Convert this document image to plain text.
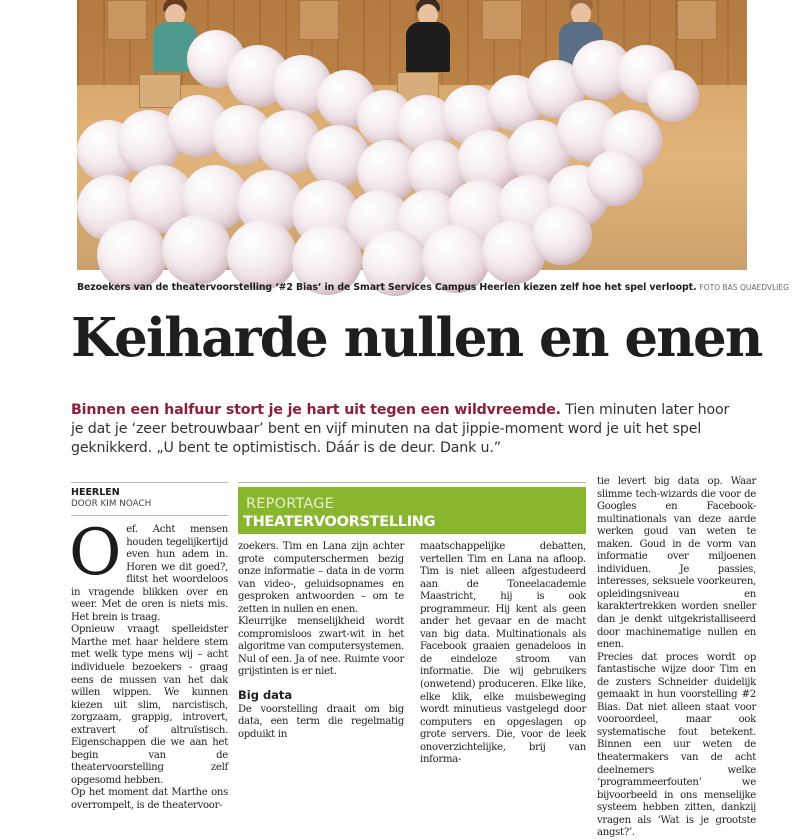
Bezoekers van de theatervoorstelling ‘#2 Bias’ in de Smart Services Campus Heerlen kiezen zelf hoe het spel verloopt. FOTO BAS QUAEDVLIEG
Keiharde nullen en enen
Binnen een halfuur stort je je hart uit tegen een wildvreemde. Tien minuten later hoor je dat je ‘zeer betrouwbaar’ bent en vijf minuten na dat jippie-moment word je uit het spel geknikkerd. „U bent te optimistisch. Dáár is de deur. Dank u.”
HEERLEN
DOOR KIM NOACH	REPORTAGE
THEATERVOORSTELLING
O ef. Acht mensen houden tegelijkertijd even hun adem in. Horen we dit goed?, flitst het woordeloos in vragende blikken over en weer. Met de oren is niets mis. Het brein is traag.

Opnieuw vraagt spelleidster Marthe met haar heldere stem met welk type mens wij – acht individuele bezoekers - graag eens de mussen van het dak willen wippen. We kunnen kiezen uit slim, narcistisch, zorgzaam, grappig, introvert, extravert of altruïstisch. Eigenschappen die we aan het begin van de theatervoorstelling zelf opgesomd hebben.

Op het moment dat Marthe ons overrompelt, is de theatervoor-

zoekers. Tim en Lana zijn achter grote computerschermen bezig onze informatie – data in de vorm van video-, geluidsopnames en gesproken antwoorden – om te zetten in nullen en enen.

Kleurrijke menselijkheid wordt compromisloos zwart-wit in het algoritme van computersystemen. Nul of een. Ja of nee. Ruimte voor grijstinten is er niet.

Big data

De voorstelling draait om big data, een term die regelmatig opduikt in

maatschappelijke debatten, vertellen Tim en Lana na afloop. Tim is niet alleen afgestudeerd aan de Toneelacademie Maastricht, hij is ook programmeur. Hij kent als geen ander het gevaar en de macht van big data. Multinationals als Facebook graaien genadeloos in de eindeloze stroom van informatie. Die wij gebruikers (onwetend) produceren. Elke like, elke klik, elke muisbeweging wordt minutieus vastgelegd door computers en opgeslagen op grote servers. Die, voor de leek onoverzichtelijke, brij van informa-

tie levert big data op. Waar slimme tech-wizards die voor de Googles en Facebook-multinationals van deze aarde werken goud van weten te maken. Goud in de vorm van informatie over miljoenen individuen. Je passies, interesses, seksuele voorkeuren, opleidingsniveau en karaktertrekken worden sneller dan je denkt uitgekristalliseerd door machinematige nullen en enen.

Precies dat proces wordt op fantastische wijze door Tim en de zusters Schneider duidelijk gemaakt in hun voorstelling #2 Bias. Dat niet alleen staat voor vooroordeel, maar ook systematische fout betekent. Binnen een uur weten de theatermakers van de acht deelnemers welke ‘programmeerfouten’ we bijvoorbeeld in ons menselijke systeem hebben zitten, dankzij vragen als ‘Wat is je grootste angst?’.
